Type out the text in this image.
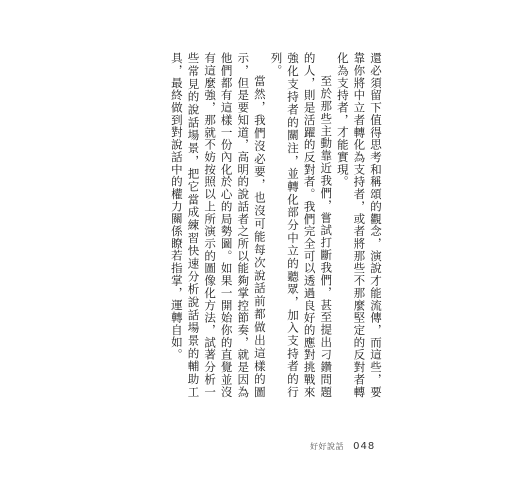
還必須留下值得思考和稱頌的觀念，演說才能流傳，而這些，要靠你將中立者轉化為支持者，或者將那些不那麼堅定的反對者轉化為支持者，才能實現。

至於那些主動靠近我們，嘗試打斷我們，甚至提出刁鑽問題的人，則是活躍的反對者。我們完全可以透過良好的應對挑戰來強化支持者的關注，並轉化部分中立的聽眾，加入支持者的行列。

當然，我們沒必要，也沒可能每次說話前都做出這樣的圖示，但是要知道，高明的說話者之所以能夠掌控節奏，就是因為他們都有這樣一份內化於心的局勢圖。如果一開始你的直覺並沒有這麼強，那就不妨按照以上所演示的圖像化方法，試著分析一些常見的說話場景，把它當成練習快速分析說話場景的輔助工具，最終做到對說話中的權力關係瞭若指掌，運轉自如。

好好說話 048
